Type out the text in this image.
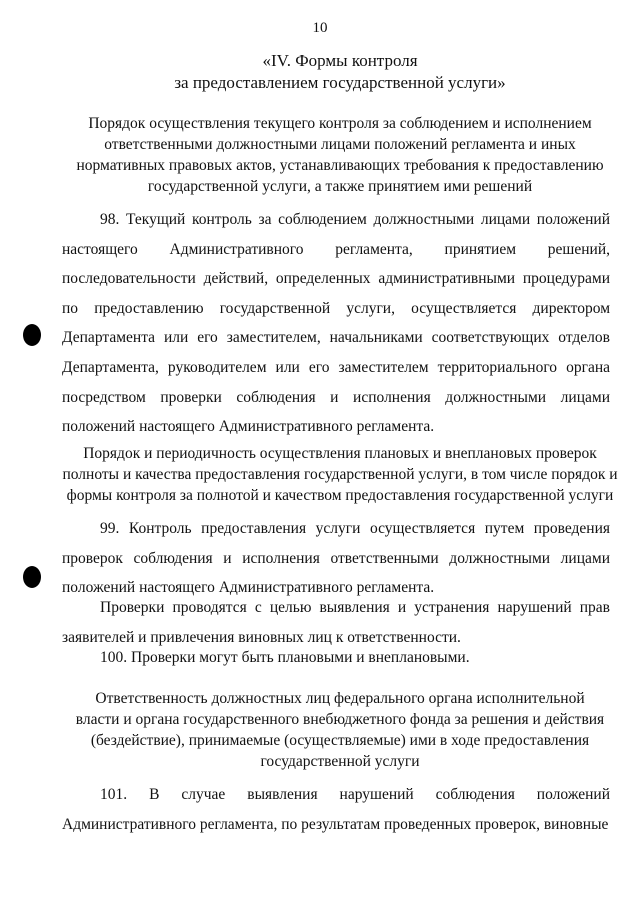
10
«IV. Формы контроля
за предоставлением государственной услуги»
Порядок осуществления текущего контроля за соблюдением и исполнением
ответственными должностными лицами положений регламента и иных
нормативных правовых актов, устанавливающих требования к предоставлению
государственной услуги, а также принятием ими решений
98. Текущий контроль за соблюдением должностными лицами положений настоящего Административного регламента, принятием решений, последовательности действий, определенных административными процедурами по предоставлению государственной услуги, осуществляется директором Департамента или его заместителем, начальниками соответствующих отделов Департамента, руководителем или его заместителем территориального органа посредством проверки соблюдения и исполнения должностными лицами положений настоящего Административного регламента.
Порядок и периодичность осуществления плановых и внеплановых проверок
полноты и качества предоставления государственной услуги, в том числе порядок и
формы контроля за полнотой и качеством предоставления государственной услуги
99. Контроль предоставления услуги осуществляется путем проведения проверок соблюдения и исполнения ответственными должностными лицами положений настоящего Административного регламента.
Проверки проводятся с целью выявления и устранения нарушений прав заявителей и привлечения виновных лиц к ответственности.
100. Проверки могут быть плановыми и внеплановыми.
Ответственность должностных лиц федерального органа исполнительной
власти и органа государственного внебюджетного фонда за решения и действия
(бездействие), принимаемые (осуществляемые) ими в ходе предоставления
государственной услуги
101. В случае выявления нарушений соблюдения положений Административного регламента, по результатам проведенных проверок, виновные
